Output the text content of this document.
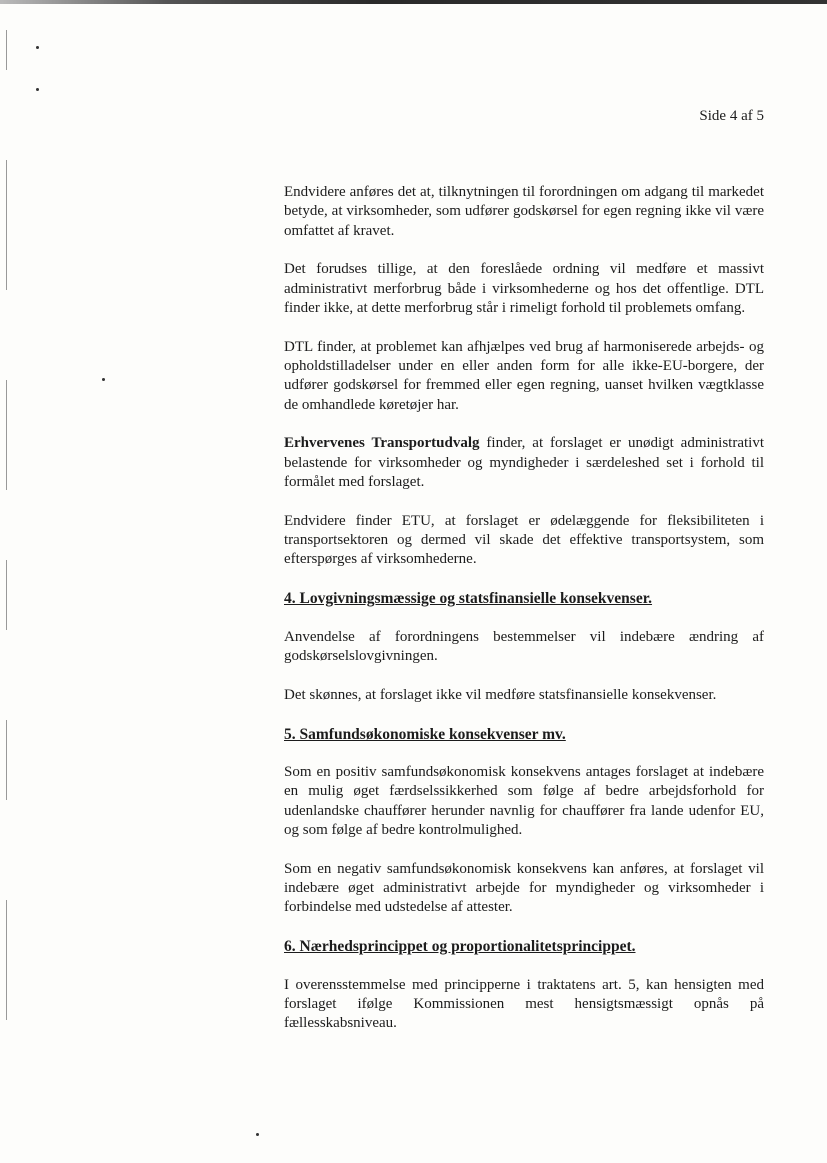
Side 4 af 5

Endvidere anføres det at, tilknytningen til forordningen om adgang til markedet betyde, at virksomheder, som udfører godskørsel for egen regning ikke vil være omfattet af kravet.

Det forudses tillige, at den foreslåede ordning vil medføre et massivt administrativt merforbrug både i virksomhederne og hos det offentlige. DTL finder ikke, at dette merforbrug står i rimeligt forhold til problemets omfang.

DTL finder, at problemet kan afhjælpes ved brug af harmoniserede arbejds- og opholdstilladelser under en eller anden form for alle ikke-EU-borgere, der udfører godskørsel for fremmed eller egen regning, uanset hvilken vægtklasse de omhandlede køretøjer har.

Erhvervenes Transportudvalg finder, at forslaget er unødigt administrativt belastende for virksomheder og myndigheder i særdeleshed set i forhold til formålet med forslaget.

Endvidere finder ETU, at forslaget er ødelæggende for fleksibiliteten i transportsektoren og dermed vil skade det effektive transportsystem, som efterspørges af virksomhederne.

4. Lovgivningsmæssige og statsfinansielle konsekvenser.

Anvendelse af forordningens bestemmelser vil indebære ændring af godskørselslovgivningen.

Det skønnes, at forslaget ikke vil medføre statsfinansielle konsekvenser.

5. Samfundsøkonomiske konsekvenser mv.

Som en positiv samfundsøkonomisk konsekvens antages forslaget at indebære en mulig øget færdselssikkerhed som følge af bedre arbejdsforhold for udenlandske chauffører herunder navnlig for chauffører fra lande udenfor EU, og som følge af bedre kontrolmulighed.

Som en negativ samfundsøkonomisk konsekvens kan anføres, at forslaget vil indebære øget administrativt arbejde for myndigheder og virksomheder i forbindelse med udstedelse af attester.

6. Nærhedsprincippet og proportionalitetsprincippet.

I overensstemmelse med principperne i traktatens art. 5, kan hensigten med forslaget ifølge Kommissionen mest hensigtsmæssigt opnås på fællesskabsniveau.
